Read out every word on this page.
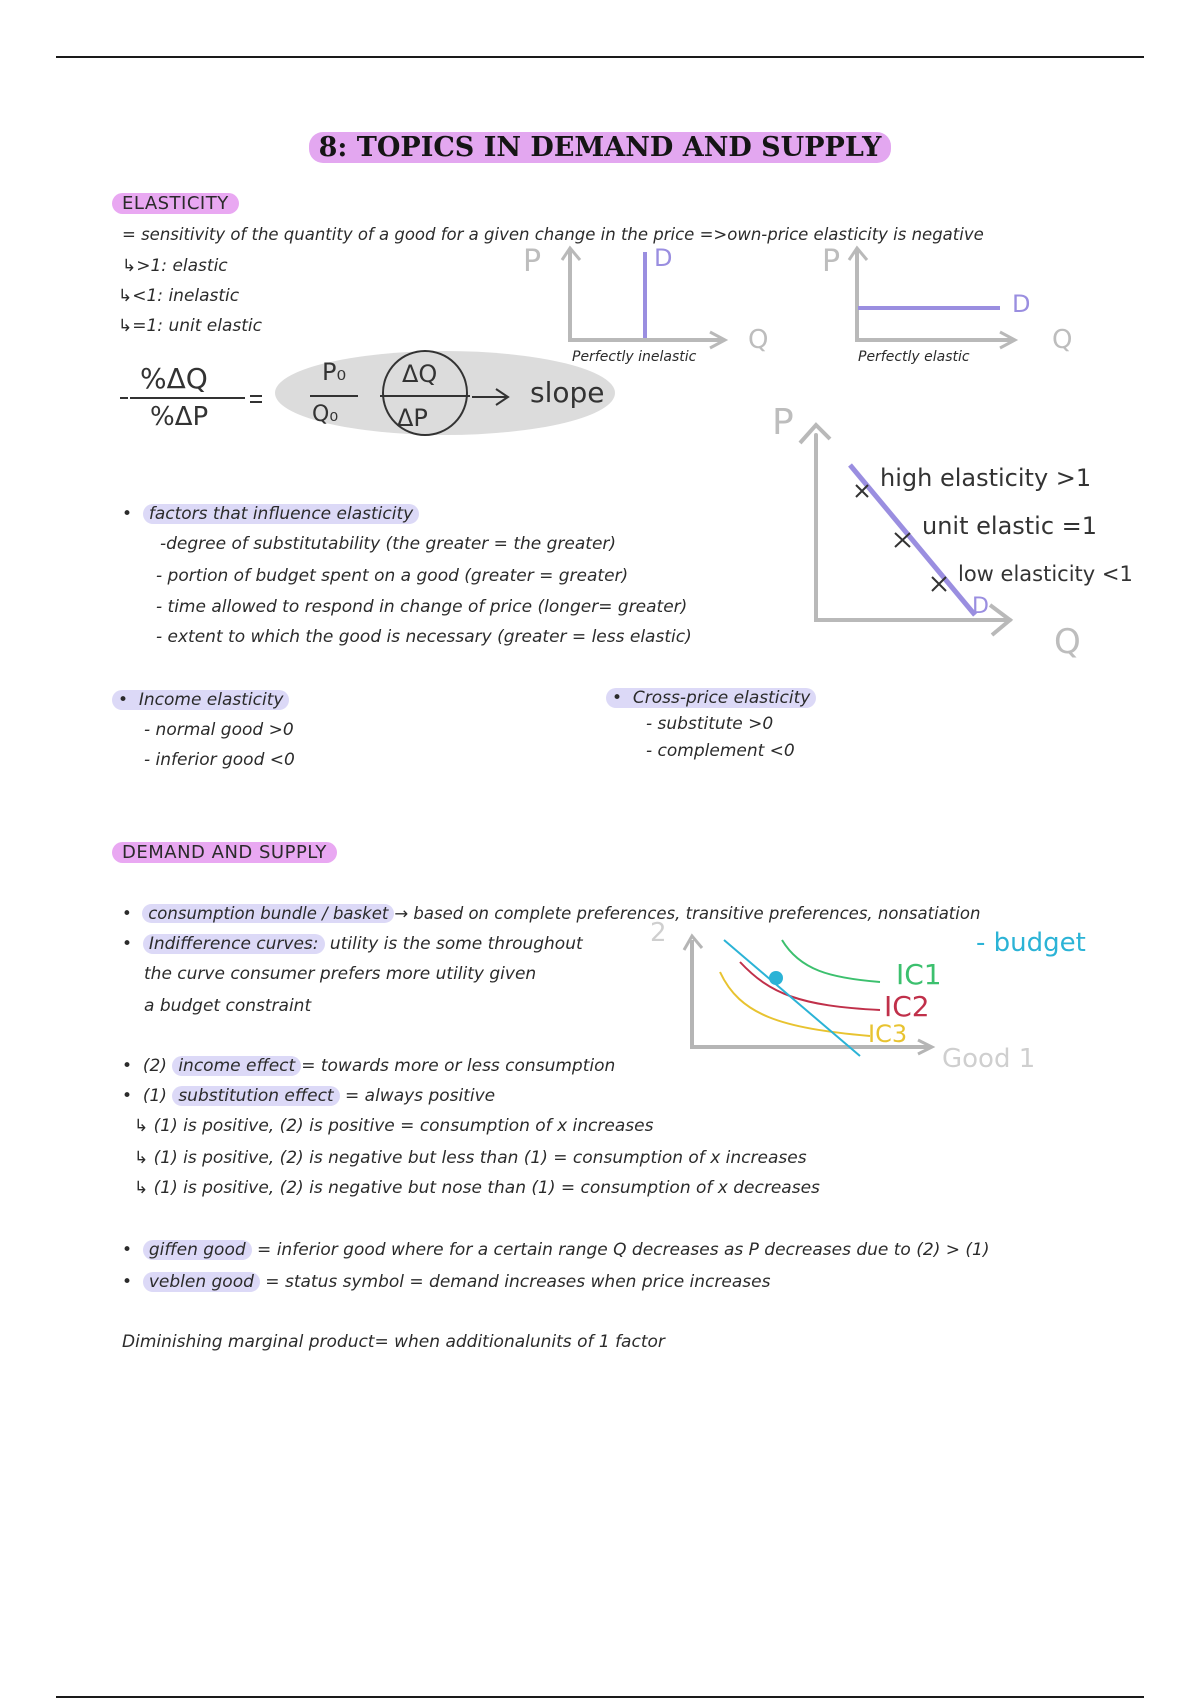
8: TOPICS IN DEMAND AND SUPPLY
ELASTICITY
= sensitivity of the quantity of a good for a given change in the price =>own-price elasticity is negative
↳>1: elastic
↳<1: inelastic
↳=1: unit elastic
P	D
Q
Perfectly inelastic
P
D
Q
Perfectly elastic
%ΔQ
%ΔP
P₀
Q₀
ΔQ
ΔP
slope
P
Q
D
high elasticity >1
unit elastic =1
low elasticity <1
•  factors that influence elasticity
-degree of substitutability (the greater = the greater)
- portion of budget spent on a good (greater = greater)
- time allowed to respond in change of price (longer= greater)
- extent to which the good is necessary (greater = less elastic)
•  Income elasticity
- normal good >0
- inferior good <0
•  Cross-price elasticity
- substitute >0
- complement <0
DEMAND AND SUPPLY
•  consumption bundle / basket → based on complete preferences, transitive preferences, nonsatiation
•  Indifference curves: utility is the some throughout
the curve consumer prefers more utility given
a budget constraint
2	- budget
IC1
IC2
IC3
Good 1
•  (2) income effect = towards more or less consumption
•  (1) substitution effect = always positive
↳ (1) is positive, (2) is positive = consumption of x increases
↳ (1) is positive, (2) is negative but less than (1) = consumption of x increases
↳ (1) is positive, (2) is negative but nose than (1) = consumption of x decreases
•  giffen good = inferior good where for a certain range Q decreases as P decreases due to (2) > (1)
•  veblen good = status symbol = demand increases when price increases
Diminishing marginal product= when additionalunits of 1 factor
